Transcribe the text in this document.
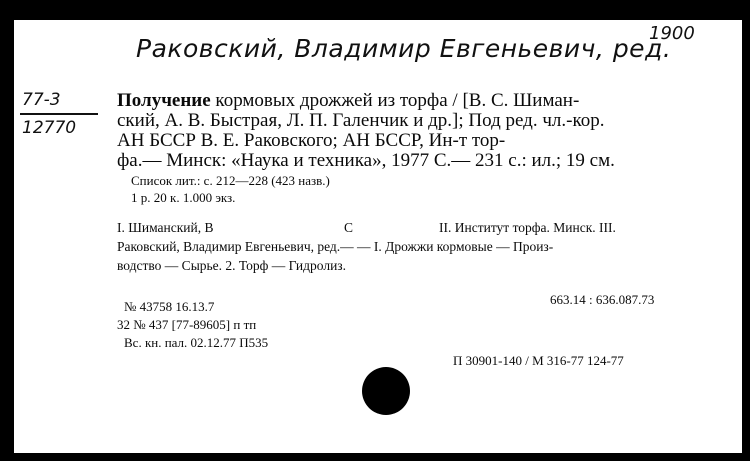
1900
Раковский, Владимир Евгеньевич, ред.
77-3
12770
Получение кормовых дрожжей из торфа / [В. С. Шиман-
ский, А. В. Быстрая, Л. П. Галенчик и др.]; Под ред. чл.-кор.
АН БССР В. Е. Раковского; АН БССР, Ин-т тор-
фа.— Минск: «Наука и техника», 1977 С.— 231 с.: ил.; 19 см.
Список лит.: с. 212—228 (423 назв.)
1 р. 20 к. 1.000 экз.
I. Шиманский, В	С	II. Институт торфа. Минск. III.
Раковский, Владимир Евгеньевич, ред.— — I. Дрожжи кормовые — Произ-
водство — Сырье. 2. Торф — Гидролиз.
663.14 : 636.087.73
№ 43758 16.13.7
32 № 437 [77-89605] п тп
Вс. кн. пал. 02.12.77 П535
П 30901-140 / М 316-77 124-77
